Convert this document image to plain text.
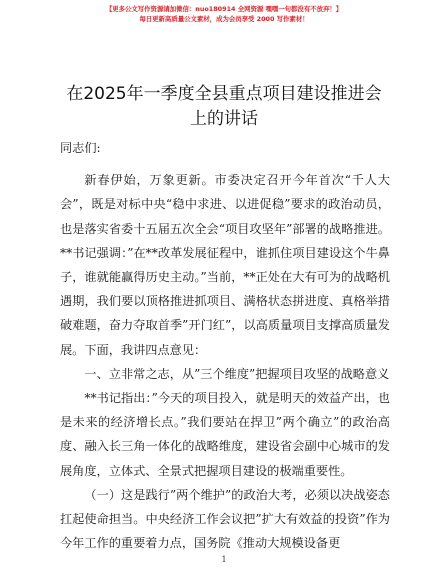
【更多公文写作资源请加微信：nuo180914 全网资源 嘿嘿一句都没有不放弃！】
每日更新高质量公文素材，成为会员享受 2000 写作素材！
在2025年一季度全县重点项目建设推进会上的讲话

同志们:

新春伊始，万象更新。市委决定召开今年首次“千人大会”，既是对标中央“稳中求进、以进促稳”要求的政治动员，也是落实省委十五届五次全会“项目攻坚年”部署的战略推进。**书记强调：”在**改革发展征程中，谁抓住项目建设这个牛鼻子，谁就能赢得历史主动。”当前，**正处在大有可为的战略机遇期，我们要以顶格推进抓项目、满格状态拼进度、真格举措破难题，奋力夺取首季”开门红”，以高质量项目支撑高质量发展。下面，我讲四点意见：

一、立非常之志，从”三个维度”把握项目攻坚的战略意义

**书记指出：”今天的项目投入，就是明天的效益产出，也是未来的经济增长点。”我们要站在捍卫”两个确立”的政治高度、融入长三角一体化的战略维度，建设省会副中心城市的发展角度，立体式、全景式把握项目建设的极端重要性。

（一）这是践行”两个维护”的政治大考，必须以决战姿态扛起使命担当。中央经济工作会议把”扩大有效益的投资”作为今年工作的重要着力点，国务院《推动大规模设备更

1
